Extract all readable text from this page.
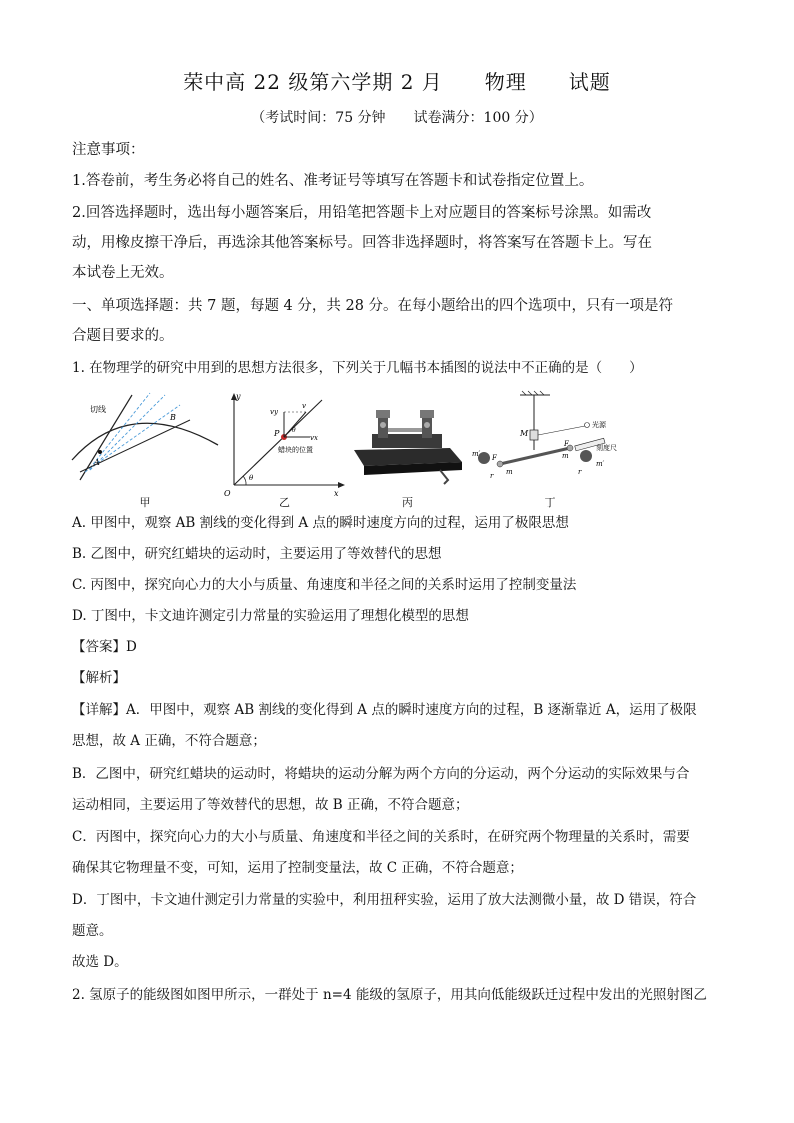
荣中高 22 级第六学期 2 月　　物理　　试题
（考试时间：75 分钟　　试卷满分：100 分）
注意事项：
1.答卷前，考生务必将自己的姓名、准考证号等填写在答题卡和试卷指定位置上。
2.回答选择题时，选出每小题答案后，用铅笔把答题卡上对应题目的答案标号涂黑。如需改
动，用橡皮擦干净后，再选涂其他答案标号。回答非选择题时，将答案写在答题卡上。写在
本试卷上无效。
一、单项选择题：共 7 题，每题 4 分，共 28 分。在每小题给出的四个选项中，只有一项是符
合题目要求的。
1. 在物理学的研究中用到的思想方法很多，下列关于几幅书本插图的说法中不正确的是（　　）
切线
A
B
甲
y
x
O
θ
P
vy
v
vx
θ
蜡块的位置
乙	丙
M
光源
刻度尺
m′
m′
F
F
r	r
m
m
丁
A. 甲图中，观察 AB 割线的变化得到 A 点的瞬时速度方向的过程，运用了极限思想
B. 乙图中，研究红蜡块的运动时，主要运用了等效替代的思想
C. 丙图中，探究向心力的大小与质量、角速度和半径之间的关系时运用了控制变量法
D. 丁图中，卡文迪许测定引力常量的实验运用了理想化模型的思想
【答案】D
【解析】
【详解】A．甲图中，观察 AB 割线的变化得到 A 点的瞬时速度方向的过程，B 逐渐靠近 A，运用了极限
思想，故 A 正确，不符合题意；
B．乙图中，研究红蜡块的运动时，将蜡块的运动分解为两个方向的分运动，两个分运动的实际效果与合
运动相同，主要运用了等效替代的思想，故 B 正确，不符合题意；
C．丙图中，探究向心力的大小与质量、角速度和半径之间的关系时，在研究两个物理量的关系时，需要
确保其它物理量不变，可知，运用了控制变量法，故 C 正确，不符合题意；
D．丁图中，卡文迪什测定引力常量的实验中，利用扭秤实验，运用了放大法测微小量，故 D 错误，符合
题意。
故选 D。
2. 氢原子的能级图如图甲所示，一群处于 n=4 能级的氢原子，用其向低能级跃迁过程中发出的光照射图乙
